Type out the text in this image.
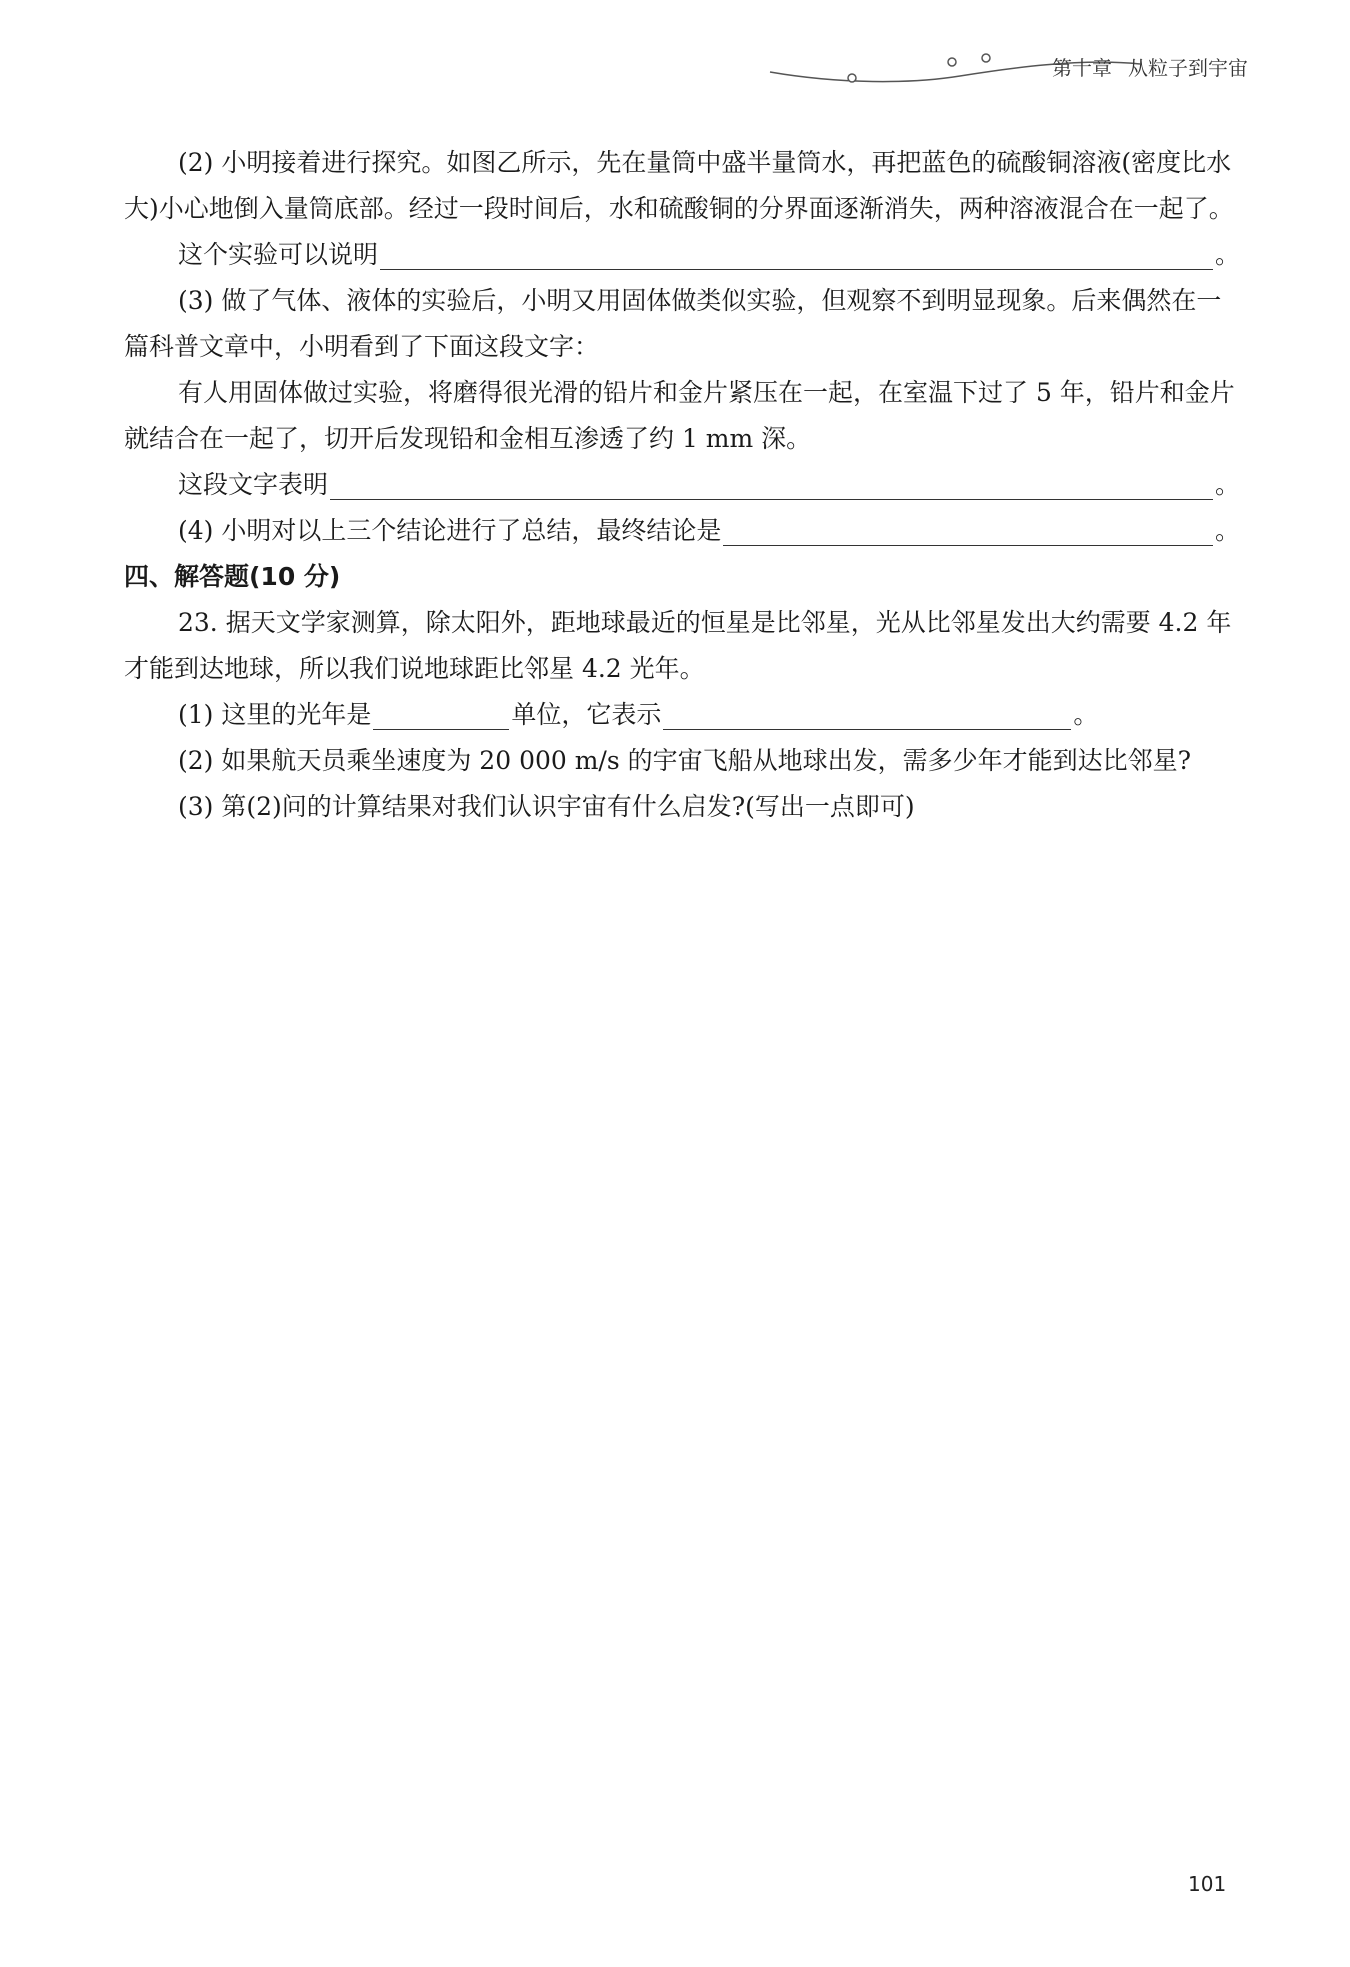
第十章 从粒子到宇宙

(2) 小明接着进行探究。如图乙所示，先在量筒中盛半量筒水，再把蓝色的硫酸铜溶液(密度比水大)小心地倒入量筒底部。经过一段时间后，水和硫酸铜的分界面逐渐消失，两种溶液混合在一起了。

这个实验可以说明	。

(3) 做了气体、液体的实验后，小明又用固体做类似实验，但观察不到明显现象。后来偶然在一篇科普文章中，小明看到了下面这段文字：

有人用固体做过实验，将磨得很光滑的铅片和金片紧压在一起，在室温下过了 5 年，铅片和金片就结合在一起了，切开后发现铅和金相互渗透了约 1 mm 深。

这段文字表明	。
(4) 小明对以上三个结论进行了总结，最终结论是	。

四、解答题(10 分)

23. 据天文学家测算，除太阳外，距地球最近的恒星是比邻星，光从比邻星发出大约需要 4.2 年才能到达地球，所以我们说地球距比邻星 4.2 光年。

(1) 这里的光年是	单位，它表示	。

(2) 如果航天员乘坐速度为 20 000 m/s 的宇宙飞船从地球出发，需多少年才能到达比邻星?

(3) 第(2)问的计算结果对我们认识宇宙有什么启发?(写出一点即可)

101
